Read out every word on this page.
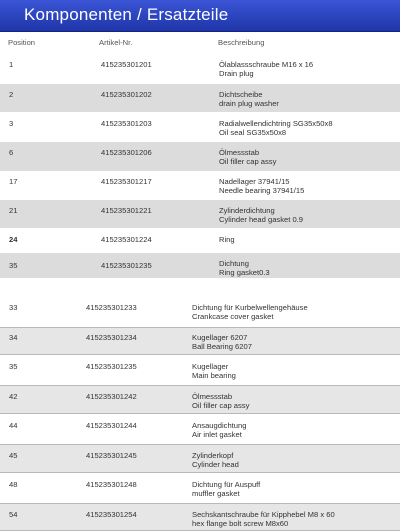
Komponenten / Ersatzteile
Position	Artikel-Nr.	Beschreibung
1	415235301201	Ölablassschraube M16 x 16
Drain plug
2	415235301202	Dichtscheibe
drain plug washer
3	415235301203	Radialwellendichtring SG35x50x8
Oil seal SG35x50x8
6	415235301206	Ölmessstab
Oil filler cap assy
17	415235301217	Nadellager 37941/15
Needle bearing 37941/15
21	415235301221	Zylinderdichtung
Cylinder head gasket 0.9
24	415235301224	Ring
35	415235301235	Dichtung
Ring gasket0.3
33	415235301233	Dichtung für Kurbelwellengehäuse
Crankcase cover gasket
34	415235301234	Kugellager 6207
Ball Bearing 6207
35	415235301235	Kugellager
Main bearing
42	415235301242	Ölmessstab
Oil filler cap assy
44	415235301244	Ansaugdichtung
Air inlet gasket
45	415235301245	Zylinderkopf
Cylinder head
48	415235301248	Dichtung für Auspuff
muffler gasket
54	415235301254	Sechskantschraube für Kipphebel M8 x 60
hex flange bolt screw M8x60
